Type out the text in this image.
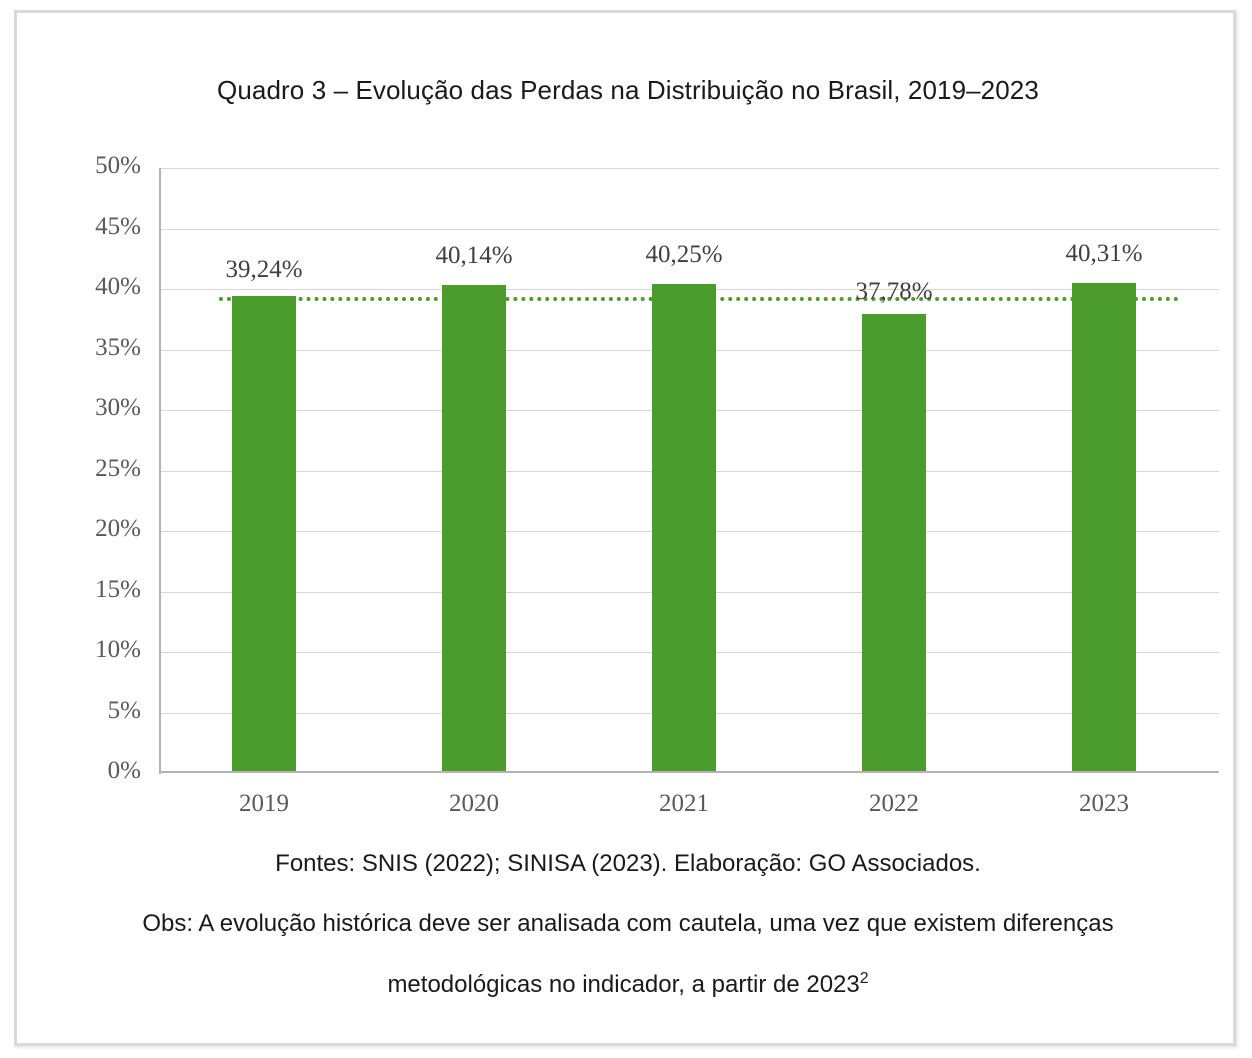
Quadro 3 – Evolução das Perdas na Distribuição no Brasil, 2019–2023
50%
45%
40%
35%
30%
25%
20%
15%
10%
5%
0%
39,24%
40,14%	40,25%
37,78%
40,31%
2019	2020	2021	2022	2023
Fontes: SNIS (2022); SINISA (2023). Elaboração: GO Associados.
Obs: A evolução histórica deve ser analisada com cautela, uma vez que existem diferenças
metodológicas no indicador, a partir de 2023$^2$
